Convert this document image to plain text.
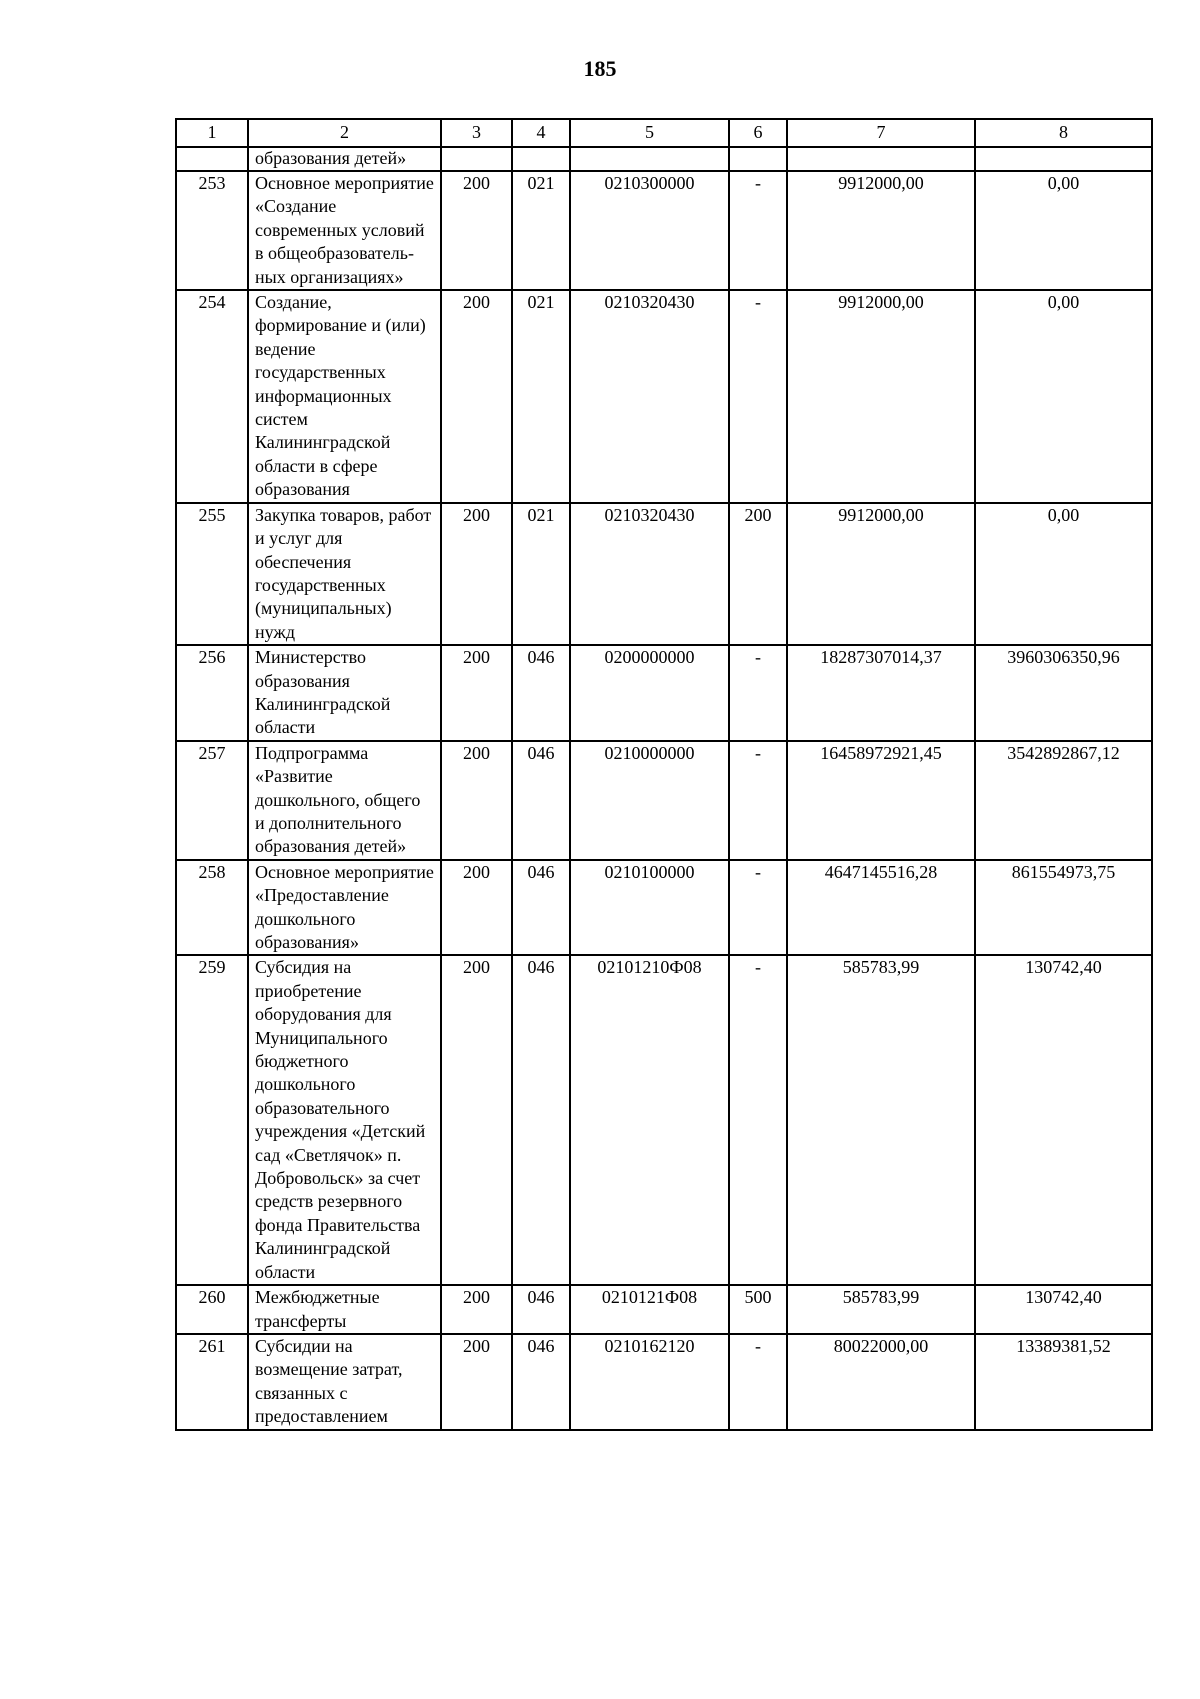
185
1	2	3	4	5	6	7	8
	образования детей»						
253	Основное мероприятие «Создание современных условий в общеобразователь-ных организациях»	200	021	0210300000	-	9912000,00	0,00
254	Создание, формирование и (или) ведение государственных информационных систем Калининградской области в сфере образования	200	021	0210320430	-	9912000,00	0,00
255	Закупка товаров, работ и услуг для обеспечения государственных (муниципальных) нужд	200	021	0210320430	200	9912000,00	0,00
256	Министерство образования Калининградской области	200	046	0200000000	-	18287307014,37	3960306350,96
257	Подпрограмма «Развитие дошкольного, общего и дополнительного образования детей»	200	046	0210000000	-	16458972921,45	3542892867,12
258	Основное мероприятие «Предоставление дошкольного образования»	200	046	0210100000	-	4647145516,28	861554973,75
259	Субсидия на приобретение оборудования для Муниципального бюджетного дошкольного образовательного учреждения «Детский сад «Светлячок» п. Добровольск» за счет средств резервного фонда Правительства Калининградской области	200	046	02101210Ф08	-	585783,99	130742,40
260	Межбюджетные трансферты	200	046	0210121Ф08	500	585783,99	130742,40
261	Субсидии на возмещение затрат, связанных с предоставлением	200	046	0210162120	-	80022000,00	13389381,52
